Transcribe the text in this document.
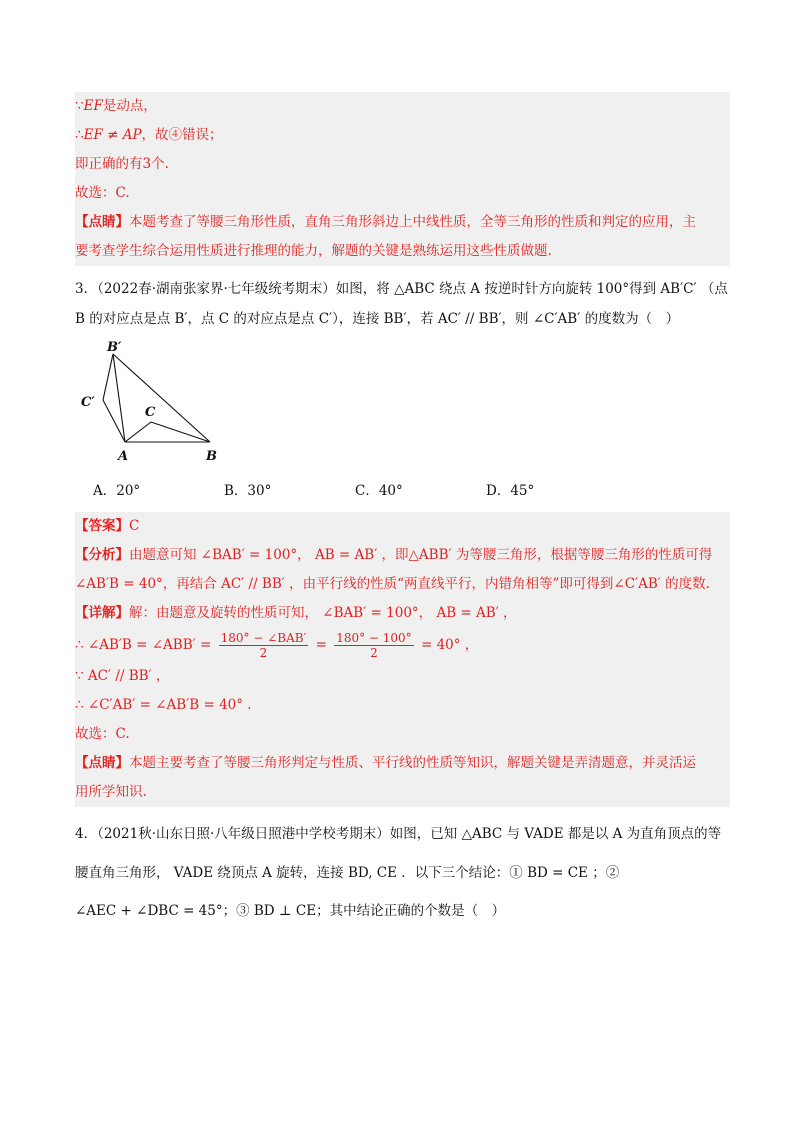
∵EF是动点，
∴EF ≠ AP，故④错误；
即正确的有3个.
故选：C.
【点睛】本题考查了等腰三角形性质，直角三角形斜边上中线性质，全等三角形的性质和判定的应用，主
要考查学生综合运用性质进行推理的能力，解题的关键是熟练运用这些性质做题.
3．（2022春·湖南张家界·七年级统考期末）如图，将 △ABC 绕点 A 按逆时针方向旋转 100°得到 AB′C′ （点
B 的对应点是点 B′，点 C 的对应点是点 C′），连接 BB′，若 AC′ // BB′，则 ∠C′AB′ 的度数为（　）
B′
C′
C
A	B
A．20°	B．30°	C．40°	D．45°
【答案】C
【分析】由题意可知 ∠BAB′ = 100°， AB = AB′ ，即△ABB′ 为等腰三角形，根据等腰三角形的性质可得
∠AB′B = 40°，再结合 AC′ // BB′ ，由平行线的性质“两直线平行，内错角相等”即可得到∠C′AB′ 的度数.
【详解】解：由题意及旋转的性质可知， ∠BAB′ = 100°， AB = AB′ ，
∴ ∠AB′B = ∠ABB′ = $\frac{\text{180° − ∠BAB′}}{2} = \frac{180^\circ - 100^\circ}{2} = 40^\circ$ ，
∵ AC′ // BB′ ，
∴ ∠C′AB′ = ∠AB′B = 40° .
故选：C.
【点睛】本题主要考查了等腰三角形判定与性质、平行线的性质等知识，解题关键是弄清题意，并灵活运
用所学知识.
4．（2021秋·山东日照·八年级日照港中学校考期末）如图，已知 △ABC 与 VADE 都是以 A 为直角顶点的等
腰直角三角形， VADE 绕顶点 A 旋转，连接 BD, CE ．以下三个结论：① BD = CE ；②
∠AEC + ∠DBC = 45°；③ BD ⊥ CE；其中结论正确的个数是（　）
